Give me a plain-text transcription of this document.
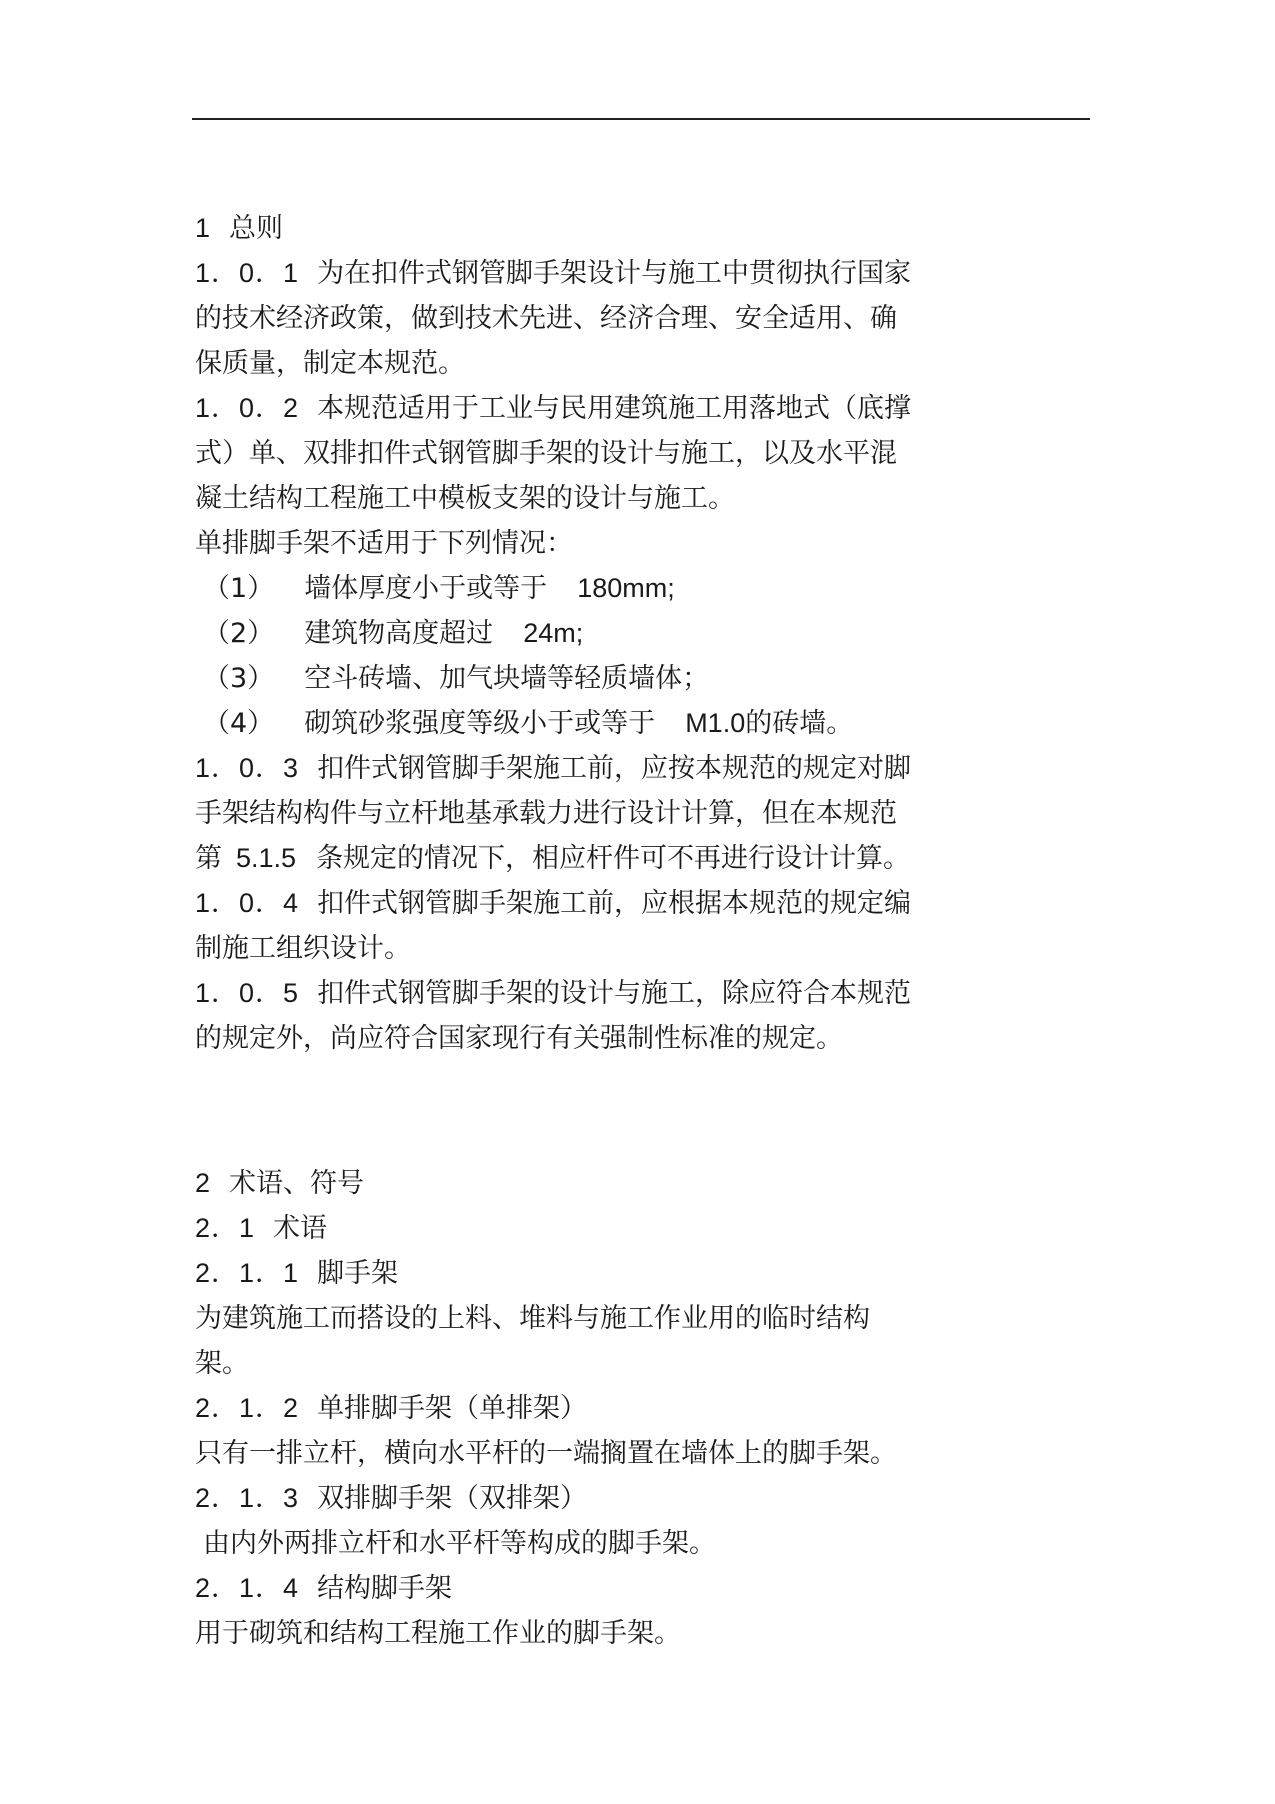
1 总则
1．0．1 为在扣件式钢管脚手架设计与施工中贯彻执行国家
的技术经济政策，做到技术先进、经济合理、安全适用、确
保质量，制定本规范。
1．0．2 本规范适用于工业与民用建筑施工用落地式（底撑
式）单、双排扣件式钢管脚手架的设计与施工，以及水平混
凝土结构工程施工中模板支架的设计与施工。
单排脚手架不适用于下列情况：
（1） 墙体厚度小于或等于 180mm;
（2） 建筑物高度超过 24m;
（3） 空斗砖墙、加气块墙等轻质墙体；
（4） 砌筑砂浆强度等级小于或等于 M1.0的砖墙。
1．0．3 扣件式钢管脚手架施工前，应按本规范的规定对脚
手架结构构件与立杆地基承载力进行设计计算，但在本规范
第 5.1.5 条规定的情况下，相应杆件可不再进行设计计算。
1．0．4 扣件式钢管脚手架施工前，应根据本规范的规定编
制施工组织设计。
1．0．5 扣件式钢管脚手架的设计与施工，除应符合本规范
的规定外，尚应符合国家现行有关强制性标准的规定。
2 术语、符号
2．1 术语
2．1．1 脚手架
为建筑施工而搭设的上料、堆料与施工作业用的临时结构
架。
2．1．2 单排脚手架（单排架）
只有一排立杆，横向水平杆的一端搁置在墙体上的脚手架。
2．1．3 双排脚手架（双排架）
由内外两排立杆和水平杆等构成的脚手架。
2．1．4 结构脚手架
用于砌筑和结构工程施工作业的脚手架。
